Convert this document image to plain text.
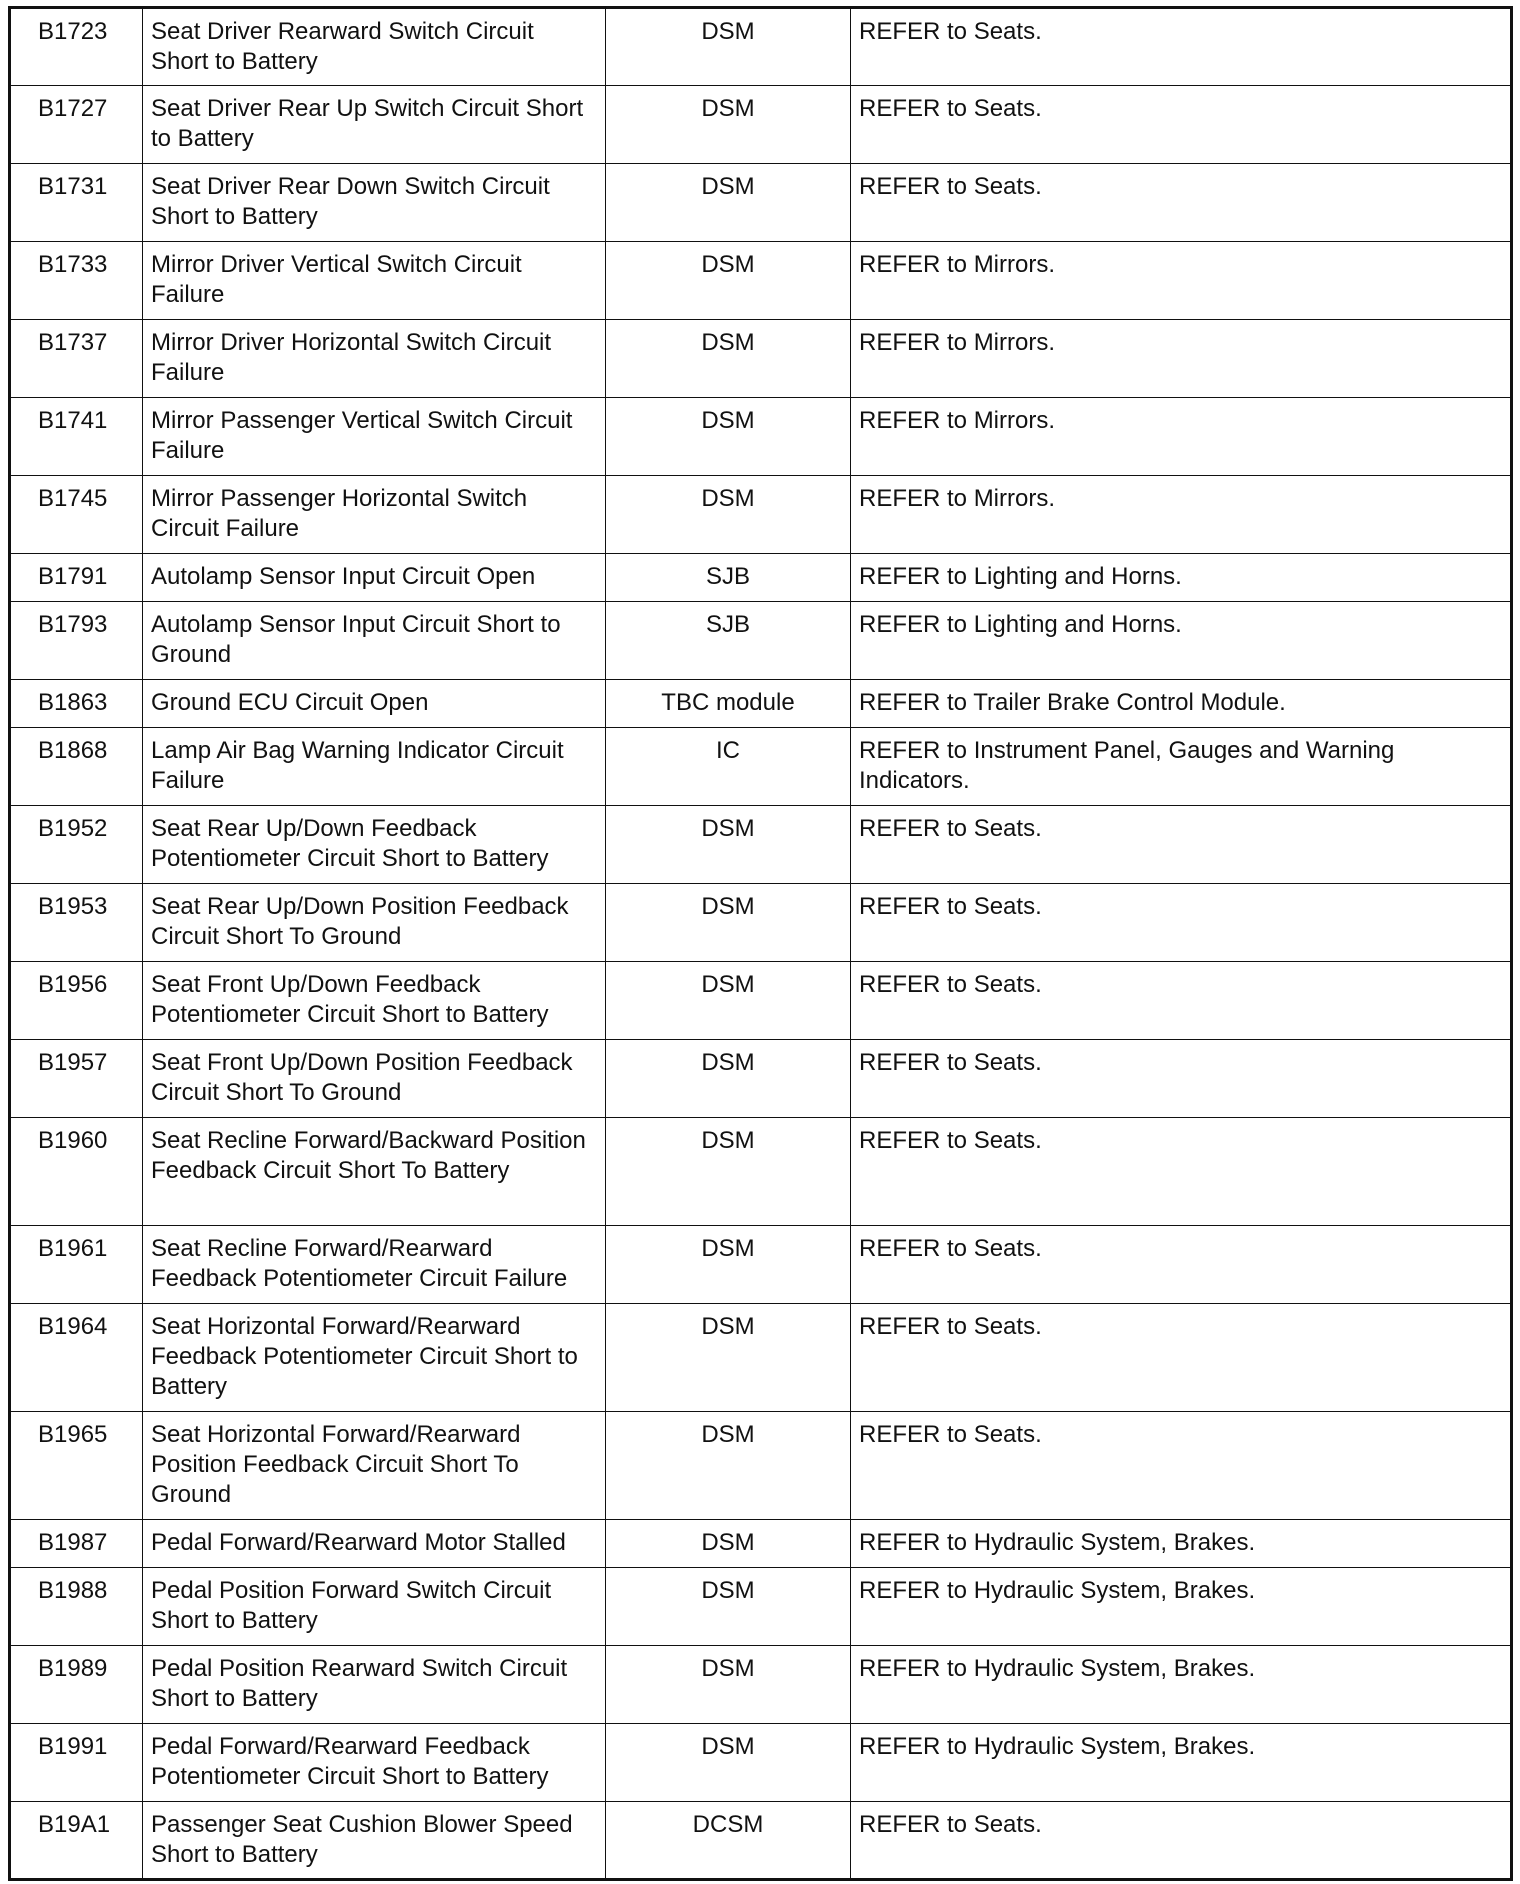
B1723	Seat Driver Rearward Switch Circuit Short to Battery	DSM	REFER to Seats.
B1727	Seat Driver Rear Up Switch Circuit Short to Battery	DSM	REFER to Seats.
B1731	Seat Driver Rear Down Switch Circuit Short to Battery	DSM	REFER to Seats.
B1733	Mirror Driver Vertical Switch Circuit Failure	DSM	REFER to Mirrors.
B1737	Mirror Driver Horizontal Switch Circuit Failure	DSM	REFER to Mirrors.
B1741	Mirror Passenger Vertical Switch Circuit Failure	DSM	REFER to Mirrors.
B1745	Mirror Passenger Horizontal Switch Circuit Failure	DSM	REFER to Mirrors.
B1791	Autolamp Sensor Input Circuit Open	SJB	REFER to Lighting and Horns.
B1793	Autolamp Sensor Input Circuit Short to Ground	SJB	REFER to Lighting and Horns.
B1863	Ground ECU Circuit Open	TBC module	REFER to Trailer Brake Control Module.
B1868	Lamp Air Bag Warning Indicator Circuit Failure	IC	REFER to Instrument Panel, Gauges and Warning Indicators.
B1952	Seat Rear Up/Down Feedback Potentiometer Circuit Short to Battery	DSM	REFER to Seats.
B1953	Seat Rear Up/Down Position Feedback Circuit Short To Ground	DSM	REFER to Seats.
B1956	Seat Front Up/Down Feedback Potentiometer Circuit Short to Battery	DSM	REFER to Seats.
B1957	Seat Front Up/Down Position Feedback Circuit Short To Ground	DSM	REFER to Seats.
B1960	Seat Recline Forward/Backward Position Feedback Circuit Short To Battery	DSM	REFER to Seats.
B1961	Seat Recline Forward/Rearward Feedback Potentiometer Circuit Failure	DSM	REFER to Seats.
B1964	Seat Horizontal Forward/Rearward Feedback Potentiometer Circuit Short to Battery	DSM	REFER to Seats.
B1965	Seat Horizontal Forward/Rearward Position Feedback Circuit Short To Ground	DSM	REFER to Seats.
B1987	Pedal Forward/Rearward Motor Stalled	DSM	REFER to Hydraulic System, Brakes.
B1988	Pedal Position Forward Switch Circuit Short to Battery	DSM	REFER to Hydraulic System, Brakes.
B1989	Pedal Position Rearward Switch Circuit Short to Battery	DSM	REFER to Hydraulic System, Brakes.
B1991	Pedal Forward/Rearward Feedback Potentiometer Circuit Short to Battery	DSM	REFER to Hydraulic System, Brakes.
B19A1	Passenger Seat Cushion Blower Speed Short to Battery	DCSM	REFER to Seats.
